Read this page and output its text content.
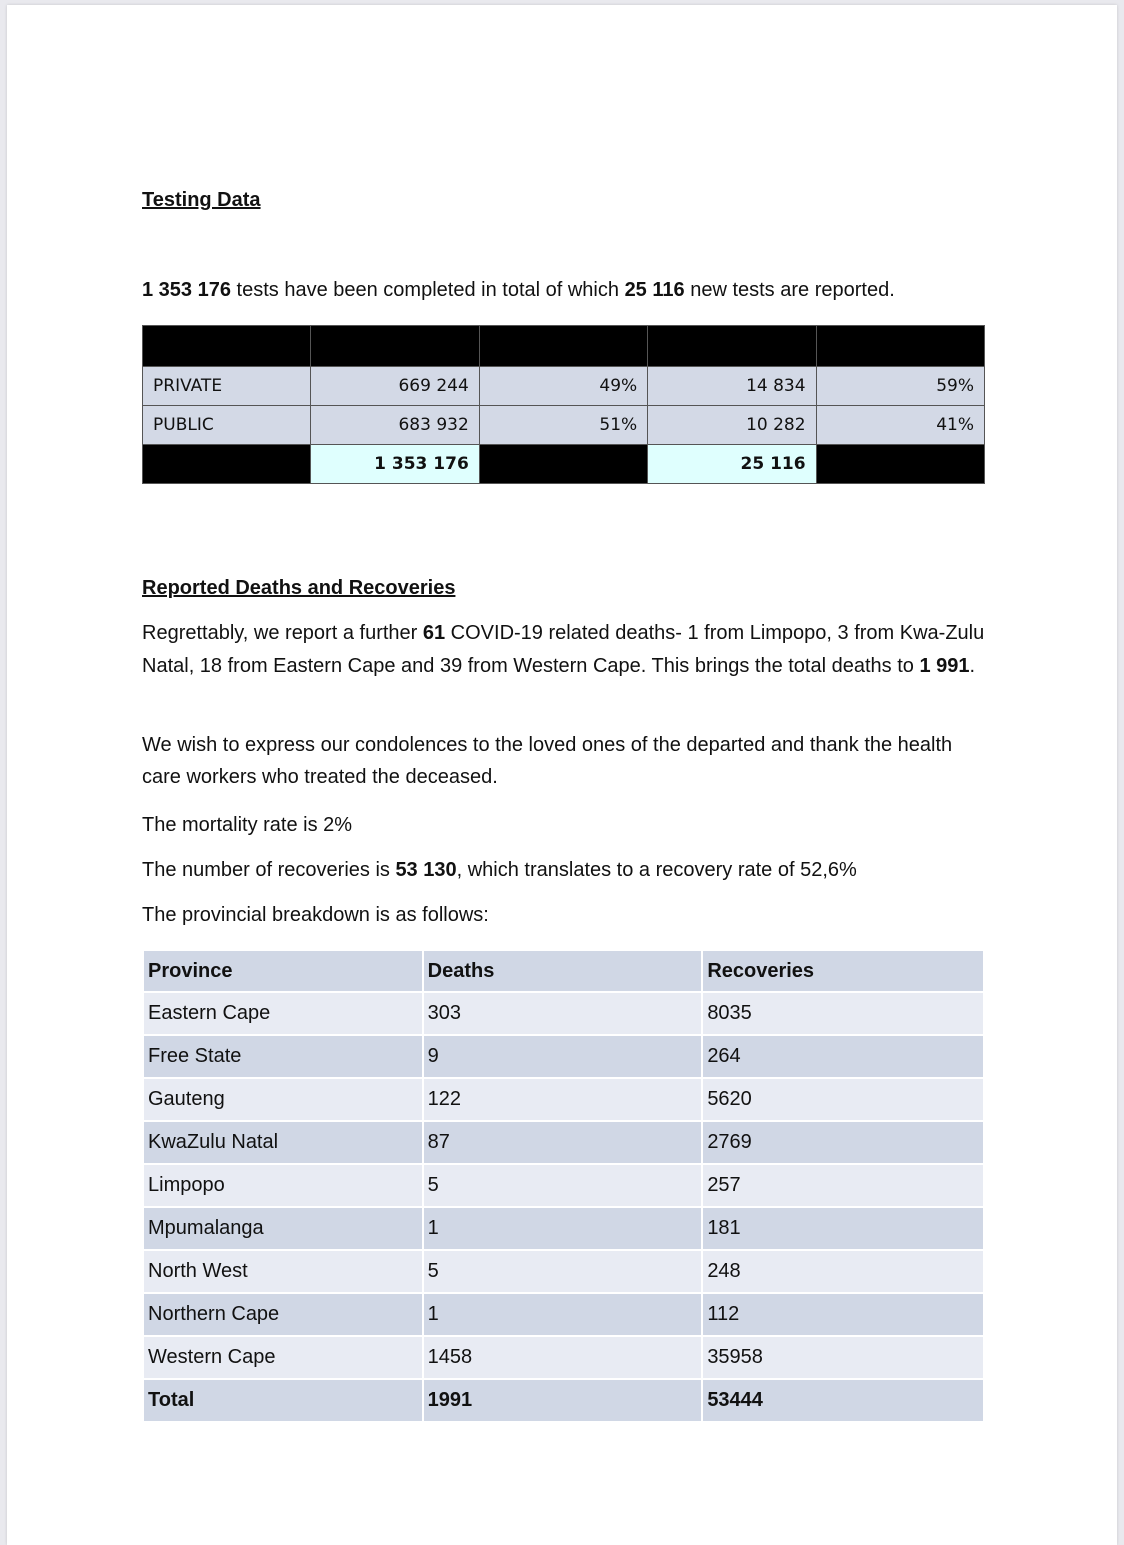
Testing Data
1 353 176 tests have been completed in total of which 25 116 new tests are reported.

PRIVATE	669 244	49%	14 834	59%
PUBLIC	683 932	51%	10 282	41%
	1 353 176		25 116	
Reported Deaths and Recoveries
Regrettably, we report a further 61 COVID-19 related deaths- 1 from Limpopo, 3 from Kwa-Zulu Natal, 18 from Eastern Cape and 39 from Western Cape. This brings the total deaths to 1 991.
We wish to express our condolences to the loved ones of the departed and thank the health care workers who treated the deceased.
The mortality rate is 2%
The number of recoveries is 53 130, which translates to a recovery rate of 52,6%
The provincial breakdown is as follows:
Province	Deaths	Recoveries
Eastern Cape	303	8035
Free State	9	264
Gauteng	122	5620
KwaZulu Natal	87	2769
Limpopo	5	257
Mpumalanga	1	181
North West	5	248
Northern Cape	1	112
Western Cape	1458	35958
Total	1991	53444
